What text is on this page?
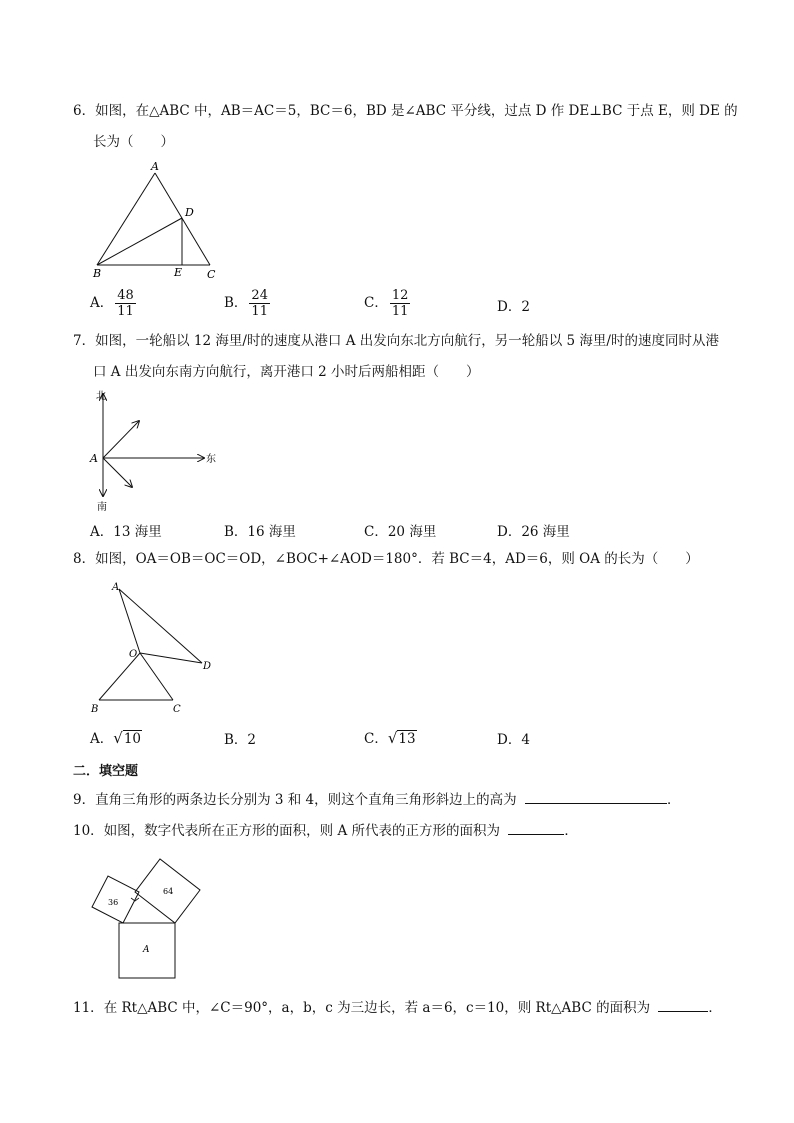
6．如图，在△ABC 中，AB＝AC＝5，BC＝6，BD 是∠ABC 平分线，过点 D 作 DE⊥BC 于点 E，则 DE 的
长为（　　）
A
B	C
D
E
A． $\frac{48}{11}$	B． $\frac{24}{11}$	C． $\frac{12}{11}$	D．2
7．如图，一轮船以 12 海里/时的速度从港口 A 出发向东北方向航行，另一轮船以 5 海里/时的速度同时从港
口 A 出发向东南方向航行，离开港口 2 小时后两船相距（　　）
北
东
南
A
A．13 海里	B．16 海里	C．20 海里	D．26 海里
8．如图，OA＝OB＝OC＝OD，∠BOC+∠AOD＝180°．若 BC＝4，AD＝6，则 OA 的长为（　　）
A
O
D
B	C
A．√10	B．2	C．√13	D．4
二．填空题
9．直角三角形的两条边长分别为 3 和 4，则这个直角三角形斜边上的高为	．
10．如图，数字代表所在正方形的面积，则 A 所代表的正方形的面积为	．
36
64
A
11．在 Rt△ABC 中，∠C＝90°，a，b，c 为三边长，若 a＝6，c＝10，则 Rt△ABC 的面积为	．
